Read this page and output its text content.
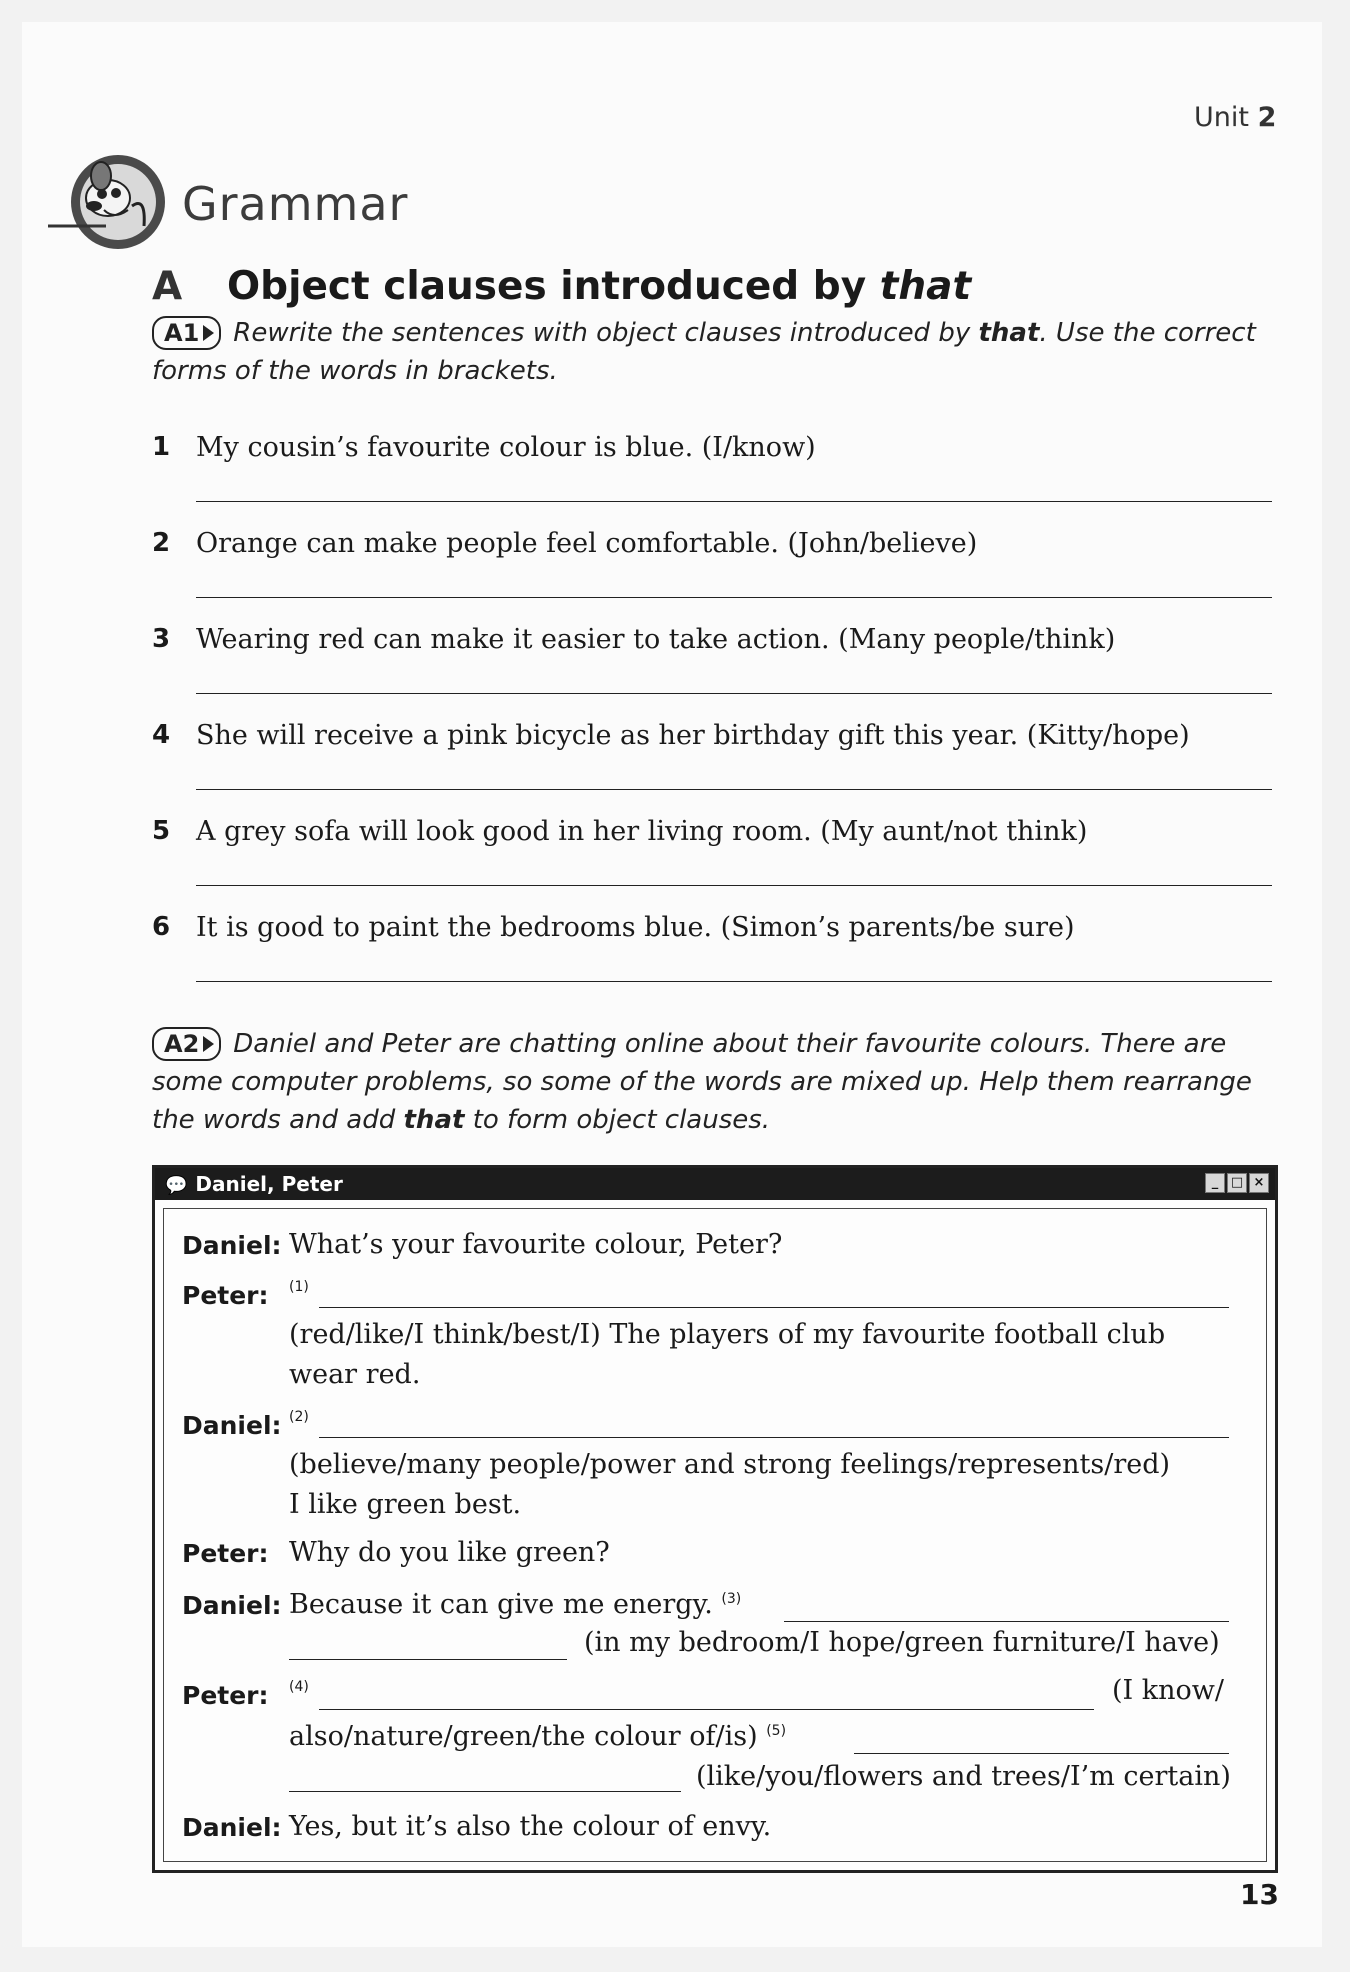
Unit 2
Grammar
A Object clauses introduced by that
A1 Rewrite the sentences with object clauses introduced by that. Use the correct forms of the words in brackets.
1 My cousin’s favourite colour is blue. (I/know)
2 Orange can make people feel comfortable. (John/believe)
3 Wearing red can make it easier to take action. (Many people/think)
4 She will receive a pink bicycle as her birthday gift this year. (Kitty/hope)
5 A grey sofa will look good in her living room. (My aunt/not think)
6 It is good to paint the bedrooms blue. (Simon’s parents/be sure)
A2 Daniel and Peter are chatting online about their favourite colours. There are some computer problems, so some of the words are mixed up. Help them rearrange the words and add that to form object clauses.
💬 Daniel, Peter	_ □ ×
Daniel: What’s your favourite colour, Peter?
Peter: $^{(1)}$
(red/like/I think/best/I) The players of my favourite football club
wear red.
Daniel: $^{(2)}$
(believe/many people/power and strong feelings/represents/red)
I like green best.
Peter: Why do you like green?
Daniel: Because it can give me energy. $^{(3)}$
(in my bedroom/I hope/green furniture/I have)
Peter: $^{(4)}$	(I know/
also/nature/green/the colour of/is) $^{(5)}$
(like/you/flowers and trees/I’m certain)
Daniel: Yes, but it’s also the colour of envy.
13
